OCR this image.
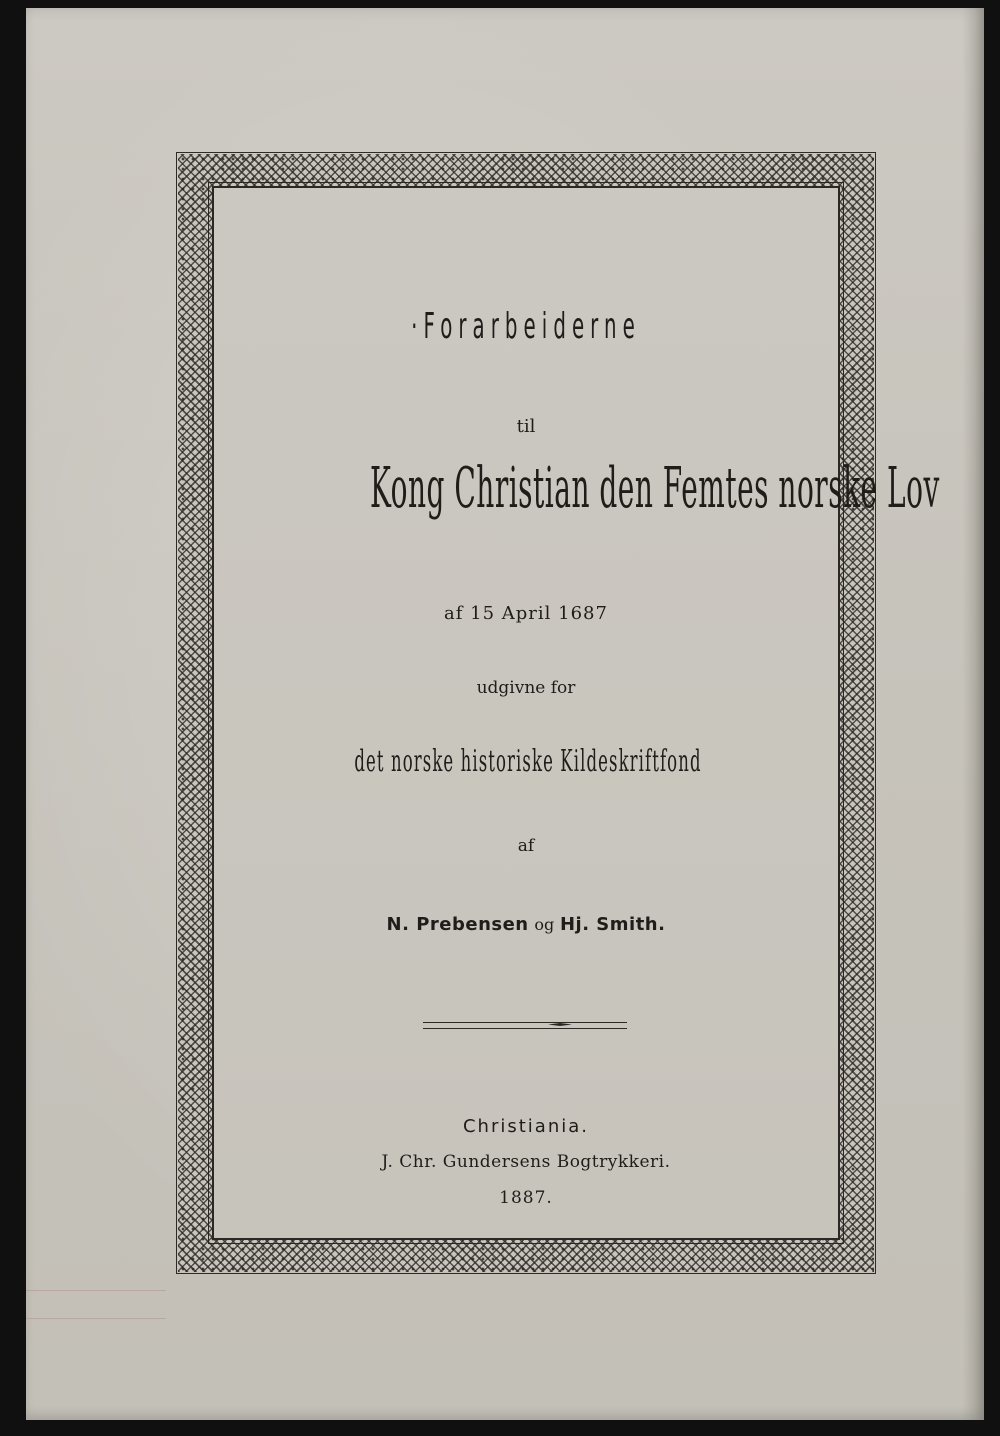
·Forarbeiderne
til
Kong Christian den Femtes norske Lov
af 15 April 1687
udgivne for
det norske historiske Kildeskriftfond
af
N. Prebensen og Hj. Smith.
Christiania.
J. Chr. Gundersens Bogtrykkeri.
1887.
